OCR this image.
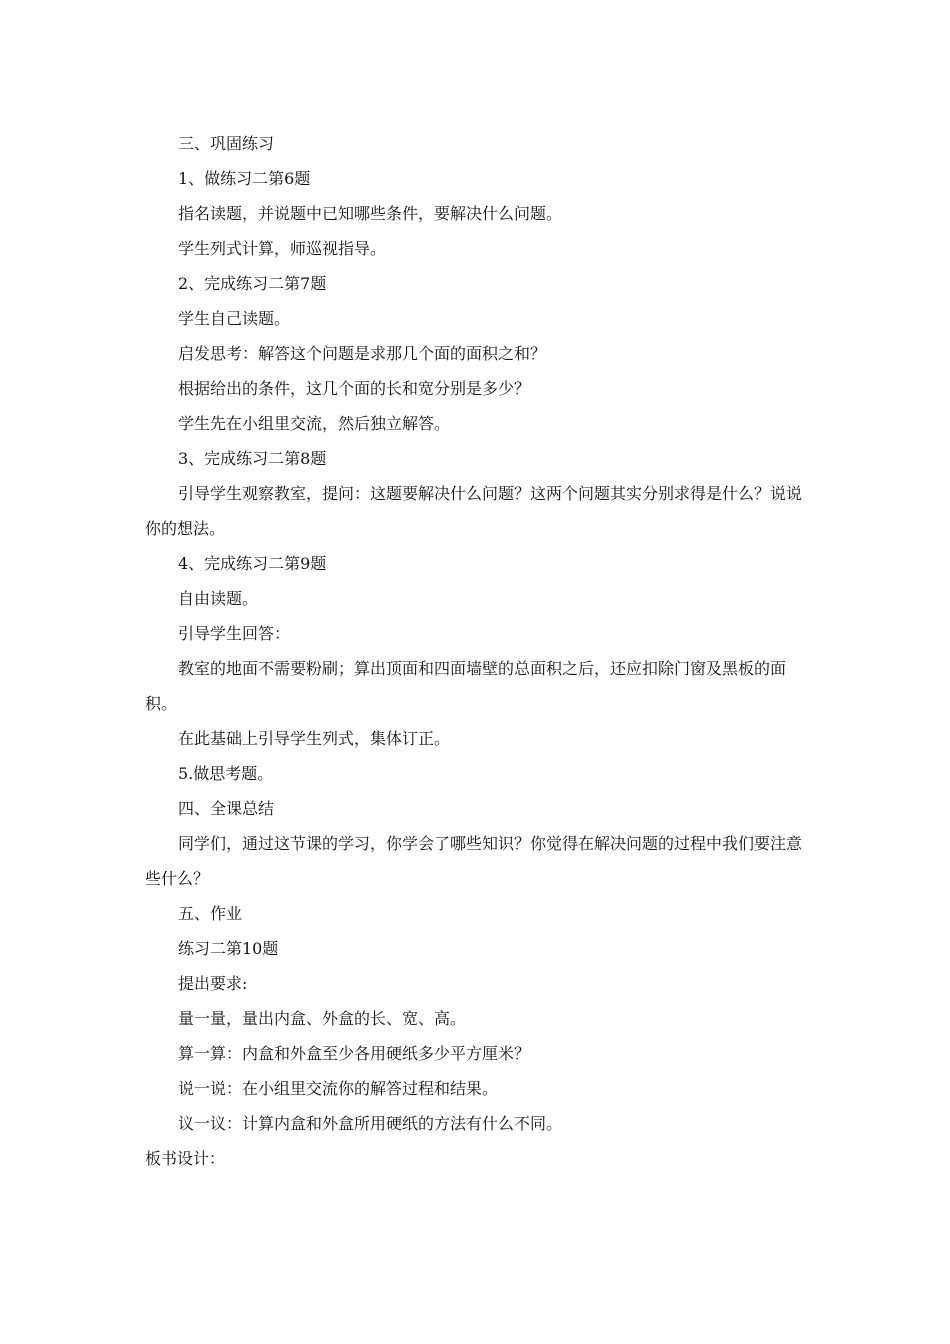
三、巩固练习

1、做练习二第6题

指名读题，并说题中已知哪些条件，要解决什么问题。

学生列式计算，师巡视指导。

2、完成练习二第7题

学生自己读题。

启发思考：解答这个问题是求那几个面的面积之和？

根据给出的条件，这几个面的长和宽分别是多少？

学生先在小组里交流，然后独立解答。

3、完成练习二第8题

引导学生观察教室，提问：这题要解决什么问题？这两个问题其实分别求得是什么？说说你的想法。

4、完成练习二第9题

自由读题。

引导学生回答：

教室的地面不需要粉刷；算出顶面和四面墙壁的总面积之后，还应扣除门窗及黑板的面积。

在此基础上引导学生列式，集体订正。

5.做思考题。

四、全课总结

同学们，通过这节课的学习，你学会了哪些知识？你觉得在解决问题的过程中我们要注意些什么？

五、作业

练习二第10题

提出要求:

量一量，量出内盒、外盒的长、宽、高。

算一算：内盒和外盒至少各用硬纸多少平方厘米？

说一说：在小组里交流你的解答过程和结果。

议一议：计算内盒和外盒所用硬纸的方法有什么不同。

板书设计：
